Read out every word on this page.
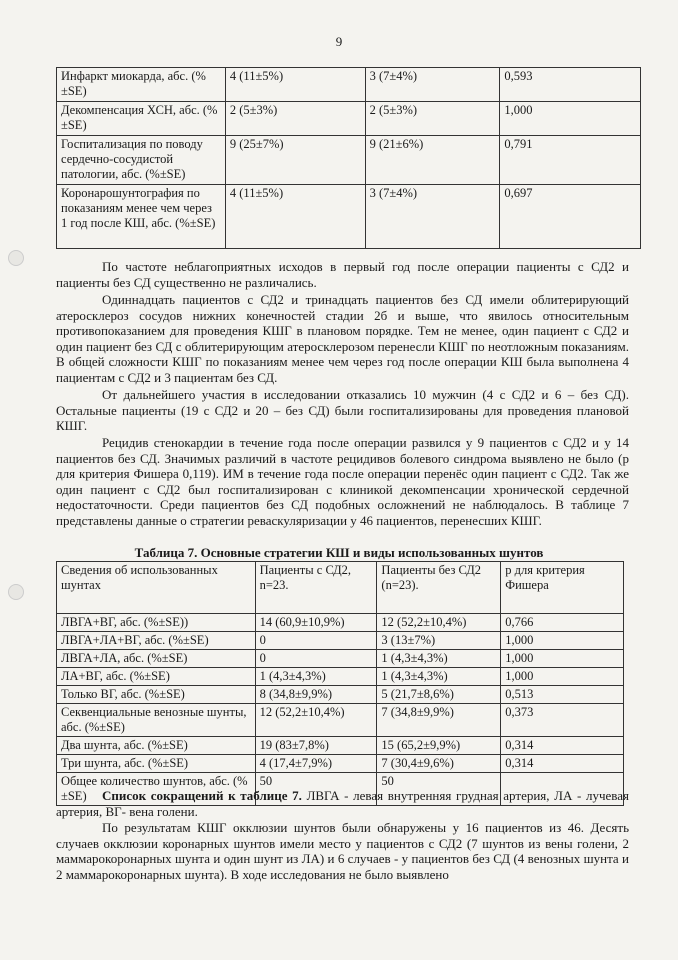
9
Инфаркт миокарда, абс. (%±SE)	4 (11±5%)	3 (7±4%)	0,593
Декомпенсация ХСН, абс. (%±SE)	2 (5±3%)	2 (5±3%)	1,000
Госпитализация по поводу сердечно-сосудистой патологии, абс. (%±SE)	9 (25±7%)	9 (21±6%)	0,791
Коронарошунтография по показаниям менее чем через 1 год после КШ, абс. (%±SE)	4 (11±5%)	3 (7±4%)	0,697

По частоте неблагоприятных исходов в первый год после операции пациенты с СД2 и пациенты без СД существенно не различались.

Одиннадцать пациентов с СД2 и тринадцать пациентов без СД имели облитерирующий атеросклероз сосудов нижних конечностей стадии 2б и выше, что явилось относительным противопоказанием для проведения КШГ в плановом порядке. Тем не менее, один пациент с СД2 и один пациент без СД с облитерирующим атеросклерозом перенесли КШГ по неотложным показаниям. В общей сложности КШГ по показаниям менее чем через год после операции КШ была выполнена 4 пациентам с СД2 и 3 пациентам без СД.

От дальнейшего участия в исследовании отказались 10 мужчин (4 с СД2 и 6 – без СД). Остальные пациенты (19 с СД2 и 20 – без СД) были госпитализированы для проведения плановой КШГ.

Рецидив стенокардии в течение года после операции развился у 9 пациентов с СД2 и у 14 пациентов без СД. Значимых различий в частоте рецидивов болевого синдрома выявлено не было (p для критерия Фишера 0,119). ИМ в течение года после операции перенёс один пациент с СД2. Так же один пациент с СД2 был госпитализирован с клиникой декомпенсации хронической сердечной недостаточности. Среди пациентов без СД подобных осложнений не наблюдалось. В таблице 7 представлены данные о стратегии реваскуляризации у 46 пациентов, перенесших КШГ.

Таблица 7. Основные стратегии КШ и виды использованных шунтов

Сведения об использованных шунтах	Пациенты с СД2, n=23.	Пациенты без СД2 (n=23).	p для критерия Фишера
ЛВГА+ВГ, абс. (%±SE))	14 (60,9±10,9%)	12 (52,2±10,4%)	0,766
ЛВГА+ЛА+ВГ, абс. (%±SE)	0	3 (13±7%)	1,000
ЛВГА+ЛА, абс. (%±SE)	0	1 (4,3±4,3%)	1,000
ЛА+ВГ, абс. (%±SE)	1 (4,3±4,3%)	1 (4,3±4,3%)	1,000
Только ВГ, абс. (%±SE)	8 (34,8±9,9%)	5 (21,7±8,6%)	0,513
Секвенциальные венозные шунты, абс. (%±SE)	12 (52,2±10,4%)	7 (34,8±9,9%)	0,373
Два шунта, абс. (%±SE)	19 (83±7,8%)	15 (65,2±9,9%)	0,314
Три шунта, абс. (%±SE)	4 (17,4±7,9%)	7 (30,4±9,6%)	0,314
Общее количество шунтов, абс. (%±SE)	50	50	

Список сокращений к таблице 7. ЛВГА - левая внутренняя грудная артерия, ЛА - лучевая артерия, ВГ- вена голени.

По результатам КШГ окклюзии шунтов были обнаружены у 16 пациентов из 46. Десять случаев окклюзии коронарных шунтов имели место у пациентов с СД2 (7 шунтов из вены голени, 2 маммарокоронарных шунта и один шунт из ЛА) и 6 случаев - у пациентов без СД (4 венозных шунта и 2 маммарокоронарных шунта). В ходе исследования не было выявлено
